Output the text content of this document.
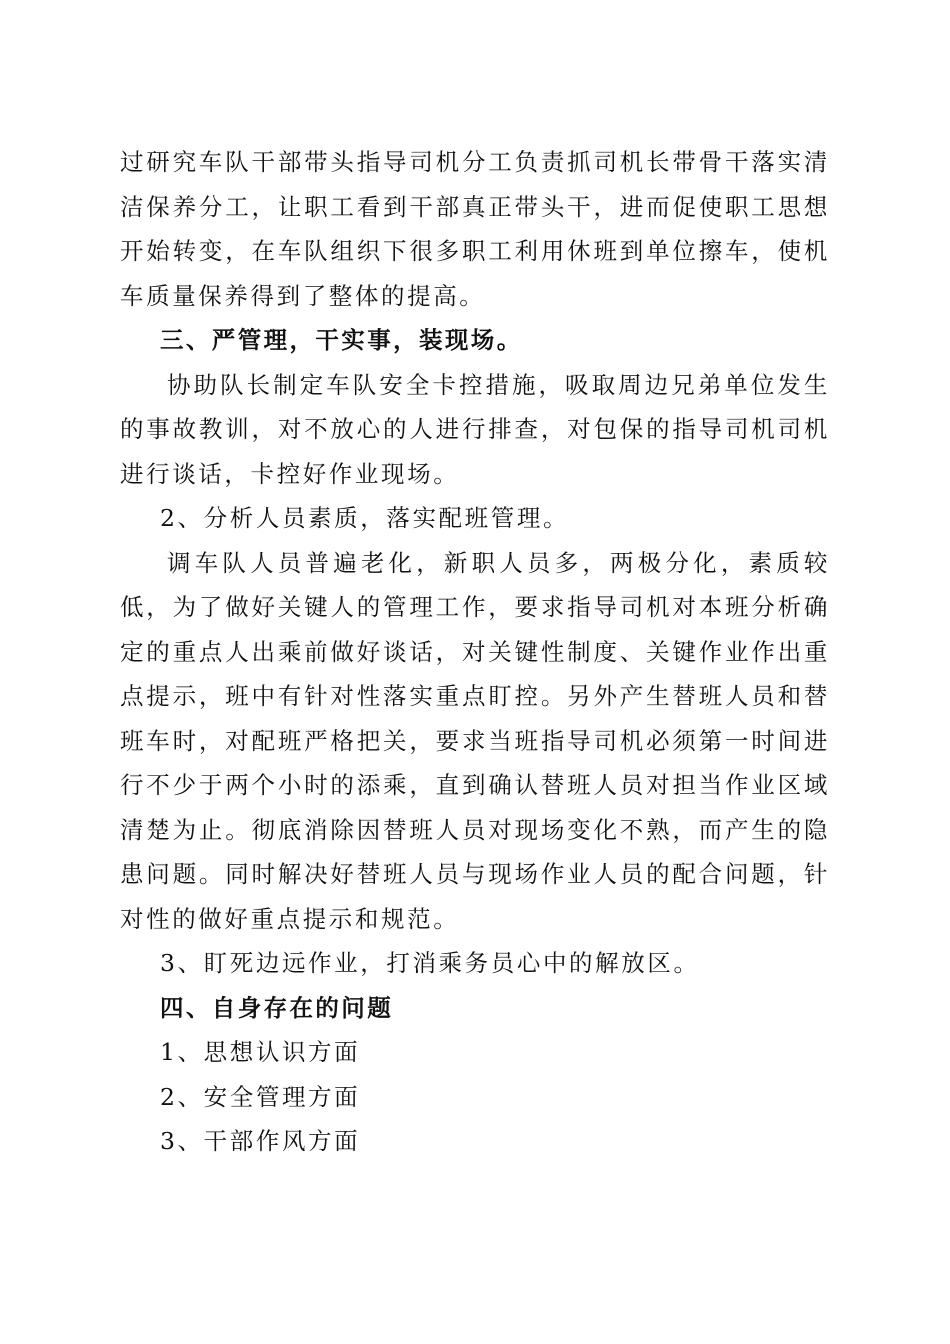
过研究车队干部带头指导司机分工负责抓司机长带骨干落实清洁保养分工，让职工看到干部真正带头干，进而促使职工思想开始转变，在车队组织下很多职工利用休班到单位擦车，使机车质量保养得到了整体的提高。

三、严管理，干实事，装现场。

协助队长制定车队安全卡控措施，吸取周边兄弟单位发生的事故教训，对不放心的人进行排查，对包保的指导司机司机进行谈话，卡控好作业现场。

2、分析人员素质，落实配班管理。

调车队人员普遍老化，新职人员多，两极分化，素质较低，为了做好关键人的管理工作，要求指导司机对本班分析确定的重点人出乘前做好谈话，对关键性制度、关键作业作出重点提示，班中有针对性落实重点盯控。另外产生替班人员和替班车时，对配班严格把关，要求当班指导司机必须第一时间进行不少于两个小时的添乘，直到确认替班人员对担当作业区域清楚为止。彻底消除因替班人员对现场变化不熟，而产生的隐患问题。同时解决好替班人员与现场作业人员的配合问题，针对性的做好重点提示和规范。

3、盯死边远作业，打消乘务员心中的解放区。

四、自身存在的问题

1、思想认识方面

2、安全管理方面

3、干部作风方面
